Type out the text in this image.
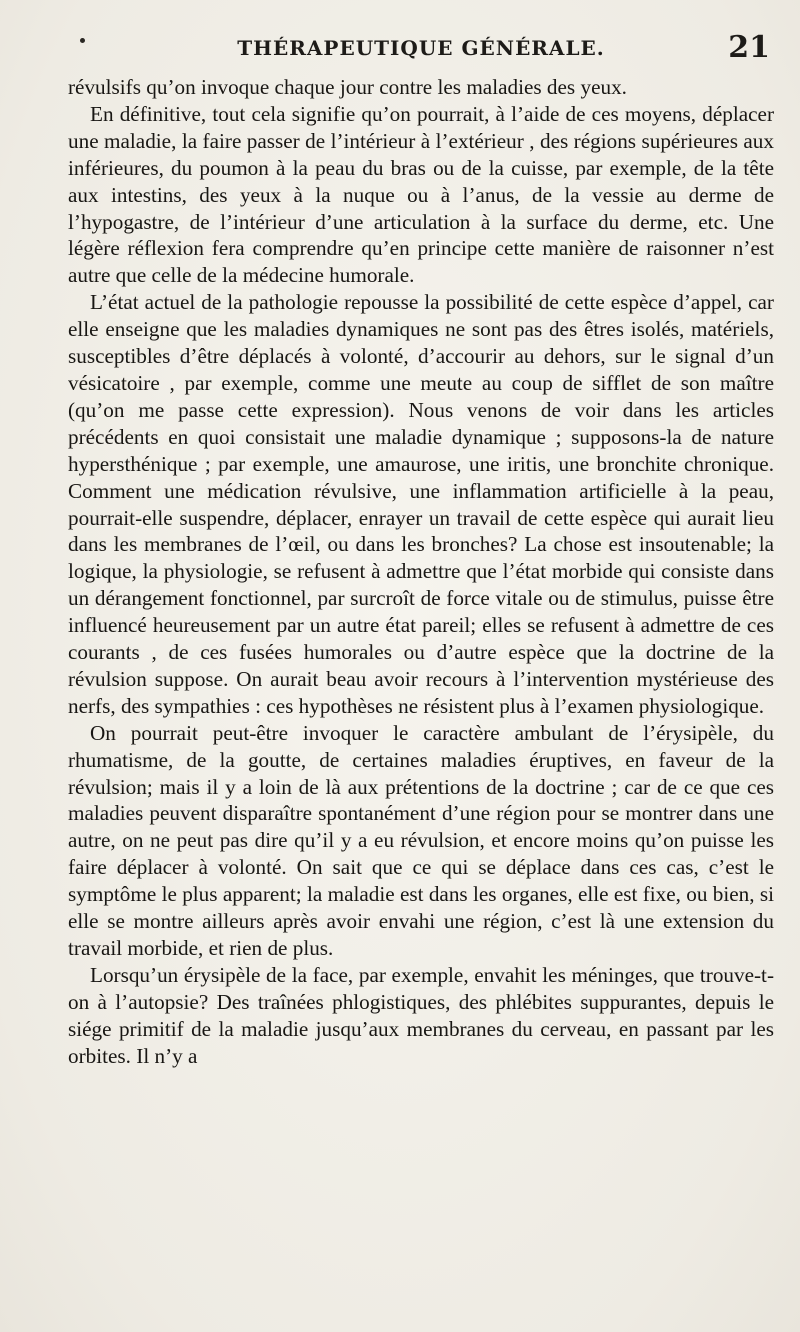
THÉRAPEUTIQUE GÉNÉRALE.	21

révulsifs qu’on invoque chaque jour contre les maladies des yeux.

En définitive, tout cela signifie qu’on pourrait, à l’aide de ces moyens, déplacer une maladie, la faire passer de l’intérieur à l’extérieur , des régions supérieures aux inférieures, du poumon à la peau du bras ou de la cuisse, par exemple, de la tête aux intestins, des yeux à la nuque ou à l’anus, de la vessie au derme de l’hypogastre, de l’intérieur d’une articulation à la surface du derme, etc. Une légère réflexion fera comprendre qu’en principe cette manière de raisonner n’est autre que celle de la médecine humorale.

L’état actuel de la pathologie repousse la possibilité de cette espèce d’appel, car elle enseigne que les maladies dynamiques ne sont pas des êtres isolés, matériels, susceptibles d’être déplacés à volonté, d’accourir au dehors, sur le signal d’un vésicatoire , par exemple, comme une meute au coup de sifflet de son maître (qu’on me passe cette expression). Nous venons de voir dans les articles précédents en quoi consistait une maladie dynamique ; supposons-la de nature hypersthénique ; par exemple, une amaurose, une iritis, une bronchite chronique. Comment une médication révulsive, une inflammation artificielle à la peau, pourrait-elle suspendre, déplacer, enrayer un travail de cette espèce qui aurait lieu dans les membranes de l’œil, ou dans les bronches? La chose est insoutenable; la logique, la physiologie, se refusent à admettre que l’état morbide qui consiste dans un dérangement fonctionnel, par surcroît de force vitale ou de stimulus, puisse être influencé heureusement par un autre état pareil; elles se refusent à admettre de ces courants , de ces fusées humorales ou d’autre espèce que la doctrine de la révulsion suppose. On aurait beau avoir recours à l’intervention mystérieuse des nerfs, des sympathies : ces hypothèses ne résistent plus à l’examen physiologique.

On pourrait peut-être invoquer le caractère ambulant de l’érysipèle, du rhumatisme, de la goutte, de certaines maladies éruptives, en faveur de la révulsion; mais il y a loin de là aux prétentions de la doctrine ; car de ce que ces maladies peuvent disparaître spontanément d’une région pour se montrer dans une autre, on ne peut pas dire qu’il y a eu révulsion, et encore moins qu’on puisse les faire déplacer à volonté. On sait que ce qui se déplace dans ces cas, c’est le symptôme le plus apparent; la maladie est dans les organes, elle est fixe, ou bien, si elle se montre ailleurs après avoir envahi une région, c’est là une extension du travail morbide, et rien de plus.

Lorsqu’un érysipèle de la face, par exemple, envahit les méninges, que trouve-t-on à l’autopsie? Des traînées phlogistiques, des phlébites suppurantes, depuis le siége primitif de la maladie jusqu’aux membranes du cerveau, en passant par les orbites. Il n’y a
